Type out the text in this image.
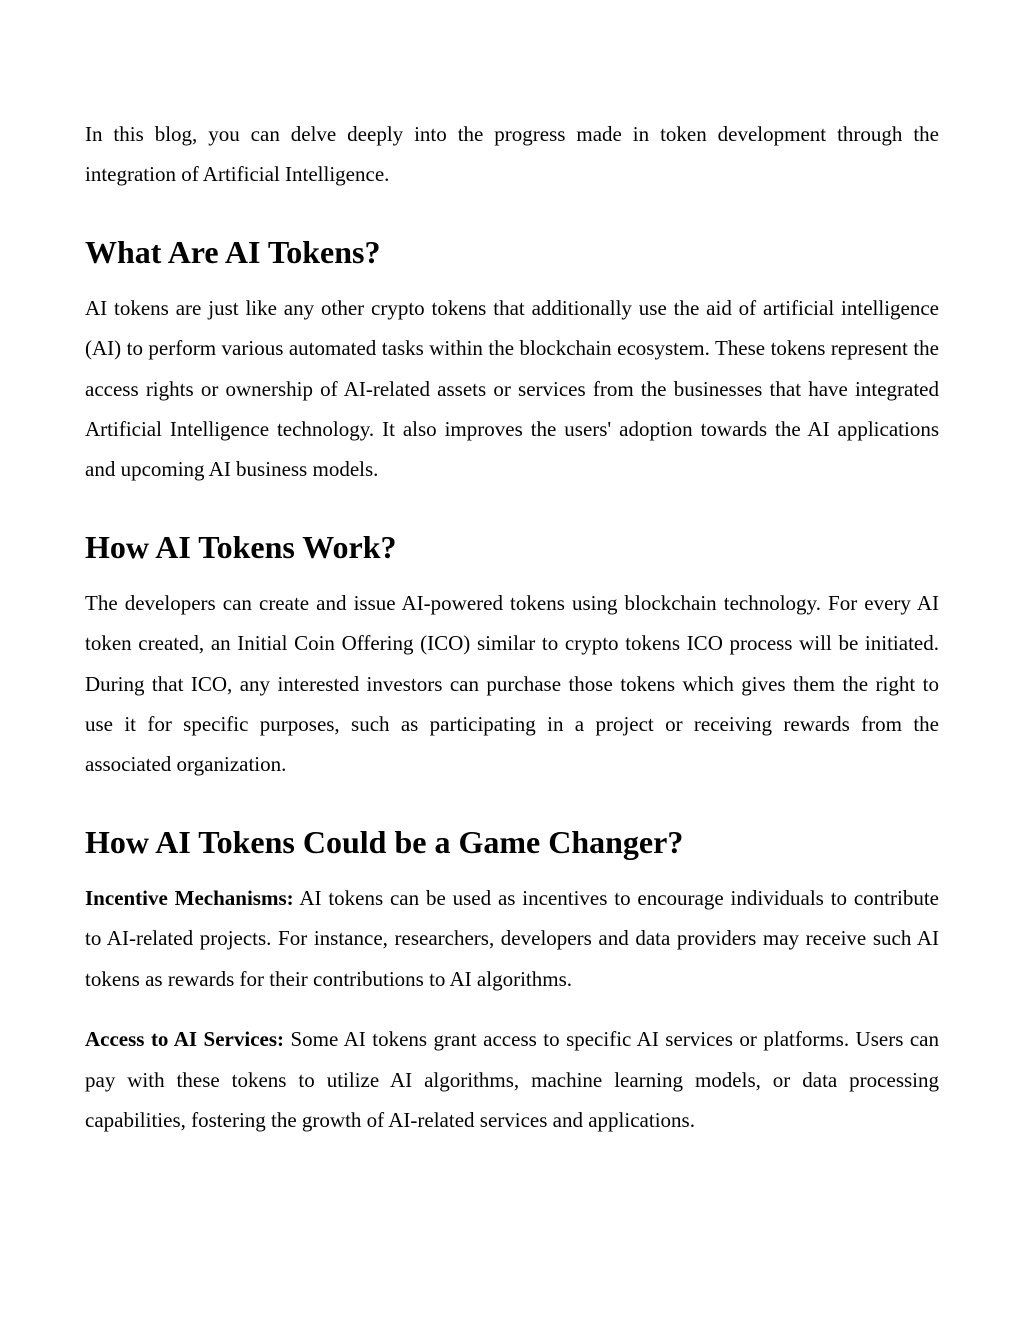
In this blog, you can delve deeply into the progress made in token development through the integration of Artificial Intelligence.

What Are AI Tokens?

AI tokens are just like any other crypto tokens that additionally use the aid of artificial intelligence (AI) to perform various automated tasks within the blockchain ecosystem. These tokens represent the access rights or ownership of AI-related assets or services from the businesses that have integrated Artificial Intelligence technology. It also improves the users' adoption towards the AI applications and upcoming AI business models.

How AI Tokens Work?

The developers can create and issue AI-powered tokens using blockchain technology. For every AI token created, an Initial Coin Offering (ICO) similar to crypto tokens ICO process will be initiated. During that ICO, any interested investors can purchase those tokens which gives them the right to use it for specific purposes, such as participating in a project or receiving rewards from the associated organization.

How AI Tokens Could be a Game Changer?

Incentive Mechanisms: AI tokens can be used as incentives to encourage individuals to contribute to AI-related projects. For instance, researchers, developers and data providers may receive such AI tokens as rewards for their contributions to AI algorithms.

Access to AI Services: Some AI tokens grant access to specific AI services or platforms. Users can pay with these tokens to utilize AI algorithms, machine learning models, or data processing capabilities, fostering the growth of AI-related services and applications.
